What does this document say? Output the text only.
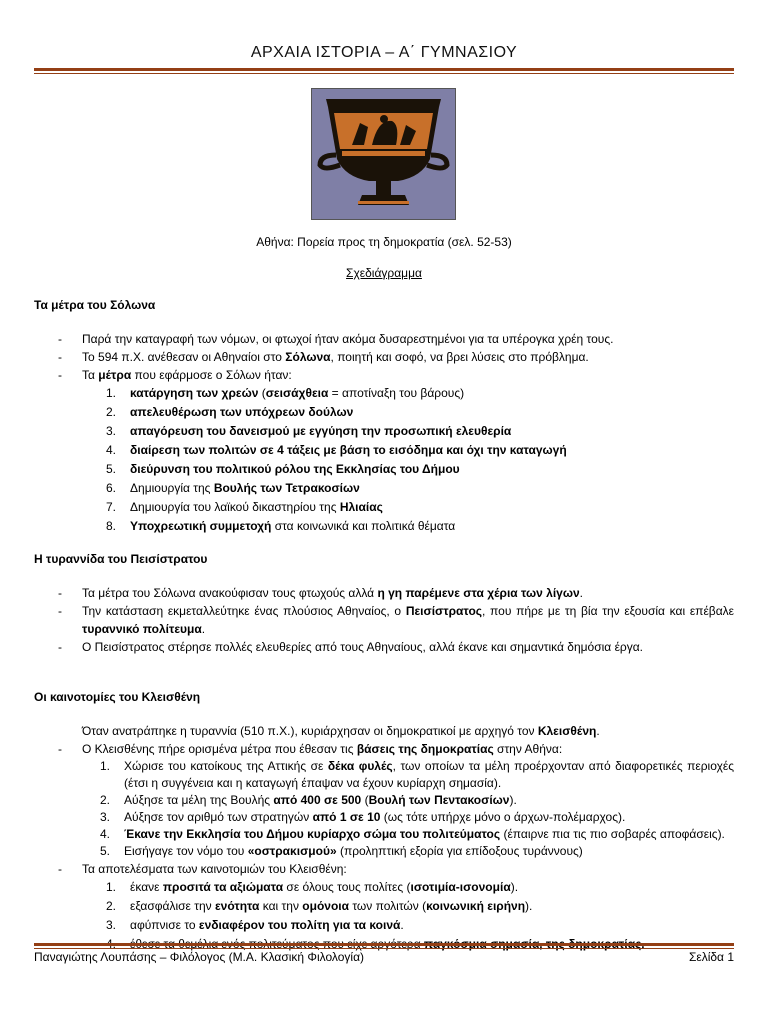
ΑΡΧΑΙΑ ΙΣΤΟΡΙΑ – Α΄ ΓΥΜΝΑΣΙΟΥ
Αθήνα: Πορεία προς τη δημοκρατία (σελ. 52-53)
Σχεδιάγραμμα
Τα μέτρα του Σόλωνα
- Παρά την καταγραφή των νόμων, οι φτωχοί ήταν ακόμα δυσαρεστημένοι για τα υπέρογκα χρέη τους.
- Το 594 π.Χ. ανέθεσαν οι Αθηναίοι στο Σόλωνα, ποιητή και σοφό, να βρει λύσεις στο πρόβλημα.
- Τα μέτρα που εφάρμοσε ο Σόλων ήταν:
1. κατάργηση των χρεών (σεισάχθεια = αποτίναξη του βάρους)
2. απελευθέρωση των υπόχρεων δούλων
3. απαγόρευση του δανεισμού με εγγύηση την προσωπική ελευθερία
4. διαίρεση των πολιτών σε 4 τάξεις με βάση το εισόδημα και όχι την καταγωγή
5. διεύρυνση του πολιτικού ρόλου της Εκκλησίας του Δήμου
6. Δημιουργία της Βουλής των Τετρακοσίων
7. Δημιουργία του λαϊκού δικαστηρίου της Ηλιαίας
8. Υποχρεωτική συμμετοχή στα κοινωνικά και πολιτικά θέματα
Η τυραννίδα του Πεισίστρατου
- Τα μέτρα του Σόλωνα ανακούφισαν τους φτωχούς αλλά η γη παρέμενε στα χέρια των λίγων.
- Την κατάσταση εκμεταλλεύτηκε ένας πλούσιος Αθηναίος, ο Πεισίστρατος, που πήρε με τη βία την εξουσία και επέβαλε τυραννικό πολίτευμα.
- Ο Πεισίστρατος στέρησε πολλές ελευθερίες από τους Αθηναίους, αλλά έκανε και σημαντικά δημόσια έργα.
Οι καινοτομίες του Κλεισθένη
Όταν ανατράπηκε η τυραννία (510 π.Χ.), κυριάρχησαν οι δημοκρατικοί με αρχηγό τον Κλεισθένη.
- Ο Κλεισθένης πήρε ορισμένα μέτρα που έθεσαν τις βάσεις της δημοκρατίας στην Αθήνα:
1. Χώρισε του κατοίκους της Αττικής σε δέκα φυλές, των οποίων τα μέλη προέρχονταν από διαφορετικές περιοχές (έτσι η συγγένεια και η καταγωγή έπαψαν να έχουν κυρίαρχη σημασία).
2. Αύξησε τα μέλη της Βουλής από 400 σε 500 (Βουλή των Πεντακοσίων).
3. Αύξησε τον αριθμό των στρατηγών από 1 σε 10 (ως τότε υπήρχε μόνο ο άρχων-πολέμαρχος).
4. Έκανε την Εκκλησία του Δήμου κυρίαρχο σώμα του πολιτεύματος (έπαιρνε πια τις πιο σοβαρές αποφάσεις).
5. Εισήγαγε τον νόμο του «οστρακισμού» (προληπτική εξορία για επίδοξους τυράννους)
- Τα αποτελέσματα των καινοτομιών του Κλεισθένη:
1. έκανε προσιτά τα αξιώματα σε όλους τους πολίτες (ισοτιμία-ισονομία).
2. εξασφάλισε την ενότητα και την ομόνοια των πολιτών (κοινωνική ειρήνη).
3. αφύπνισε το ενδιαφέρον του πολίτη για τα κοινά.
Παναγιώτης Λουπάσης – Φιλόλογος (Μ.Α. Κλασική Φιλολογία)	Σελίδα 1
